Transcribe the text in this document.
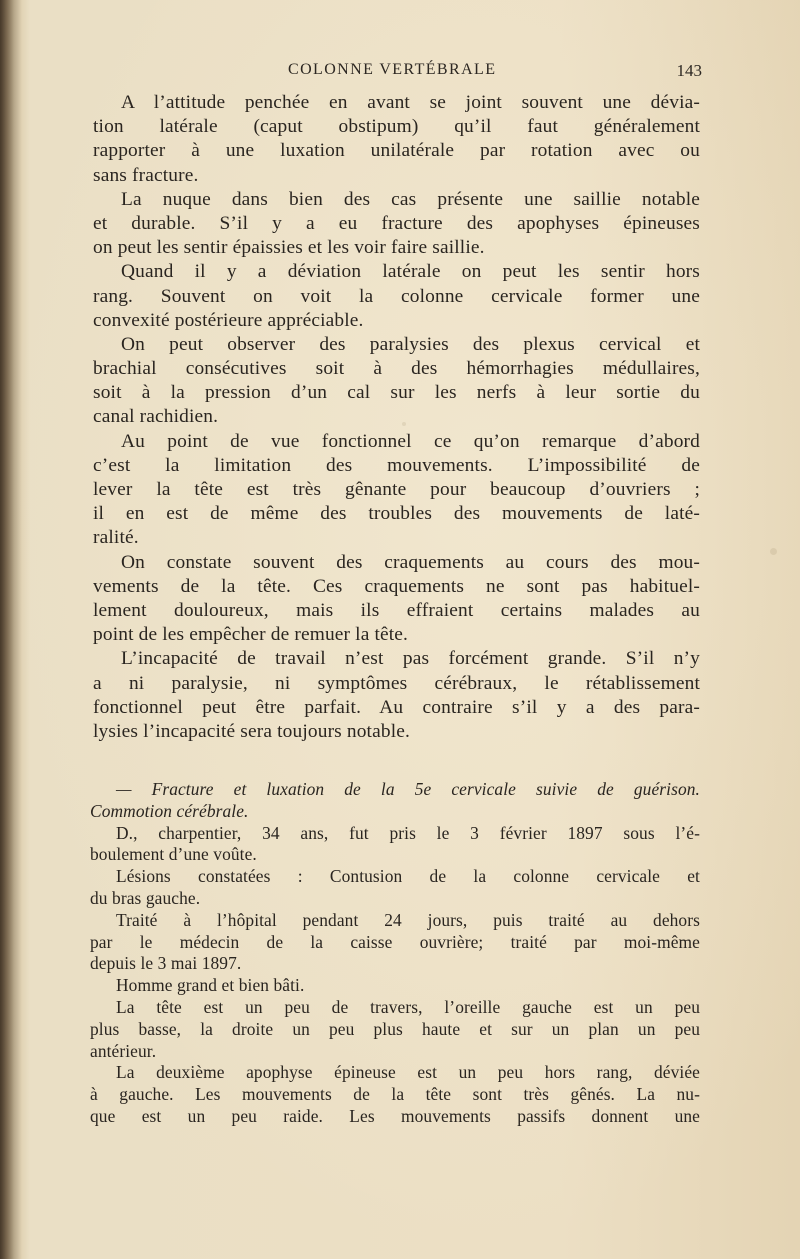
COLONNE VERTÉBRALE	143
A l’attitude penchée en avant se joint souvent une dévia-
tion latérale (caput obstipum) qu’il faut généralement
rapporter à une luxation unilatérale par rotation avec ou
sans fracture.
La nuque dans bien des cas présente une saillie notable
et durable. S’il y a eu fracture des apophyses épineuses
on peut les sentir épaissies et les voir faire saillie.
Quand il y a déviation latérale on peut les sentir hors
rang. Souvent on voit la colonne cervicale former une
convexité postérieure appréciable.
On peut observer des paralysies des plexus cervical et
brachial consécutives soit à des hémorrhagies médullaires,
soit à la pression d’un cal sur les nerfs à leur sortie du
canal rachidien.
Au point de vue fonctionnel ce qu’on remarque d’abord
c’est la limitation des mouvements. L’impossibilité de
lever la tête est très gênante pour beaucoup d’ouvriers ;
il en est de même des troubles des mouvements de laté-
ralité.
On constate souvent des craquements au cours des mou-
vements de la tête. Ces craquements ne sont pas habituel-
lement douloureux, mais ils effraient certains malades au
point de les empêcher de remuer la tête.
L’incapacité de travail n’est pas forcément grande. S’il n’y
a ni paralysie, ni symptômes cérébraux, le rétablissement
fonctionnel peut être parfait. Au contraire s’il y a des para-
lysies l’incapacité sera toujours notable.
— Fracture et luxation de la 5e cervicale suivie de guérison.
Commotion cérébrale.
D., charpentier, 34 ans, fut pris le 3 février 1897 sous l’é-
boulement d’une voûte.
Lésions constatées : Contusion de la colonne cervicale et
du bras gauche.
Traité à l’hôpital pendant 24 jours, puis traité au dehors
par le médecin de la caisse ouvrière; traité par moi-même
depuis le 3 mai 1897.
Homme grand et bien bâti.
La tête est un peu de travers, l’oreille gauche est un peu
plus basse, la droite un peu plus haute et sur un plan un peu
antérieur.
La deuxième apophyse épineuse est un peu hors rang, déviée
à gauche. Les mouvements de la tête sont très gênés. La nu-
que est un peu raide. Les mouvements passifs donnent une
